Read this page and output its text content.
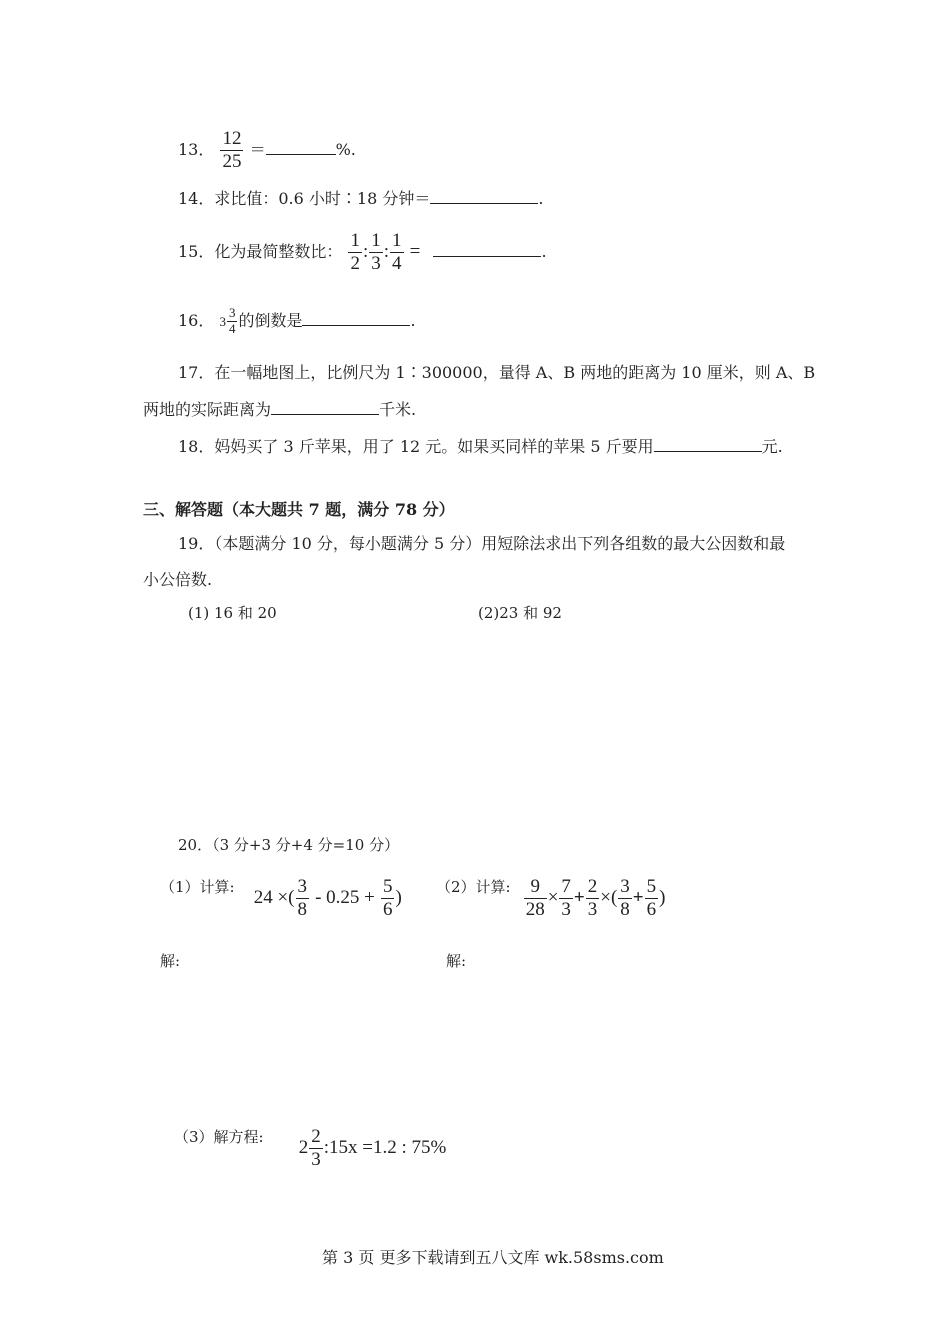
13． $\frac{12}{25}$ ＝	%.
14．求比值：0.6 小时∶18 分钟＝	.
15．化为最简整数比： $\frac{1}{2}$ : $\frac{1}{3}$ : $\frac{1}{4}$ =	.
16． $3 \frac{3}{4}$ 的倒数是	.
17．在一幅地图上，比例尺为 1∶300000，量得 A、B 两地的距离为 10 厘米，则 A、B
两地的实际距离为	千米.
18．妈妈买了 3 斤苹果，用了 12 元。如果买同样的苹果 5 斤要用	元.
三、解答题（本大题共 7 题，满分 78 分）
19．（本题满分 10 分，每小题满分 5 分）用短除法求出下列各组数的最大公因数和最
小公倍数.
(1) 16 和 20	(2)23 和 92
20．（3 分+3 分+4 分=10 分）
（1）计算: 24 ×( $\frac{3}{8} - 0.25 + \frac{5}{6}$ ) （2）计算: $\frac{9}{28} \times \frac{7}{3} + \frac{2}{3}$ ×( $\frac{3}{8} + \frac{5}{6}$ )
解:	解:
（3）解方程: $2 \frac{2}{3}$ :15x =1.2 : 75%
第 3 页 更多下载请到五八文库 wk.58sms.com
